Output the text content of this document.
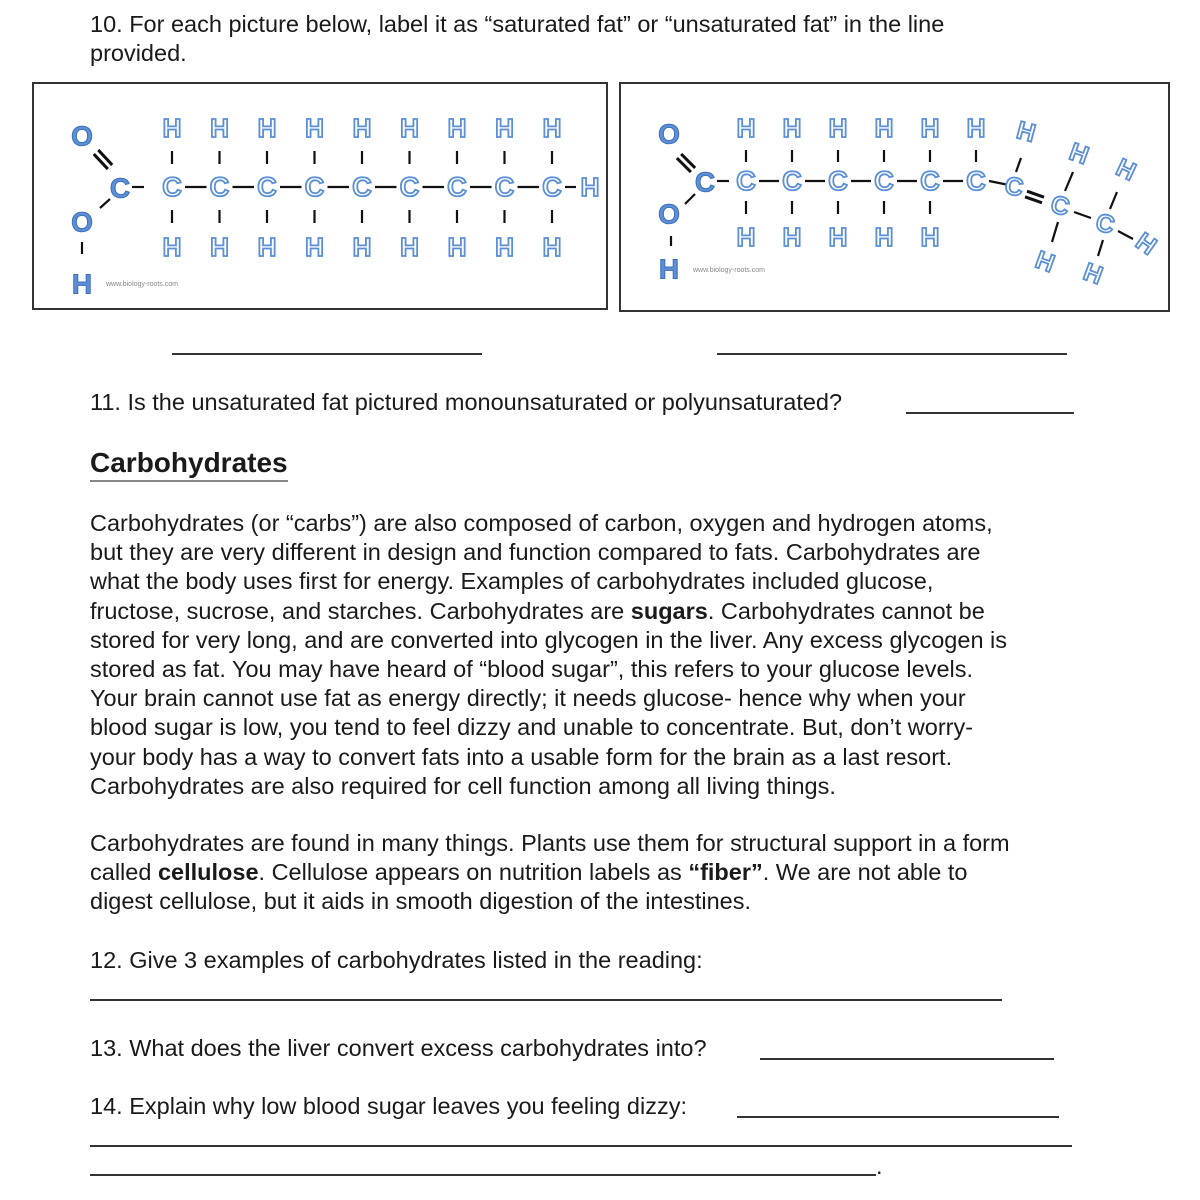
10. For each picture below, label it as “saturated fat” or “unsaturated fat” in the line
provided.
O
C
O
H www.biology-roots.com
C
H
H
C
H
H
C
H
H
C
H
H
C
H
H
C
H
H
C
H
H
C
H
H
C
H
H
H
O
C
O
H www.biology-roots.com
C
H
H
C
H
H
C
H
H
C
H
H
C
H
H
C
H
C
H
C
H
H
C
H
H
H
11. Is the unsaturated fat pictured monounsaturated or polyunsaturated?
Carbohydrates
Carbohydrates (or “carbs”) are also composed of carbon, oxygen and hydrogen atoms,
but they are very different in design and function compared to fats. Carbohydrates are
what the body uses first for energy. Examples of carbohydrates included glucose,
fructose, sucrose, and starches. Carbohydrates are sugars. Carbohydrates cannot be
stored for very long, and are converted into glycogen in the liver. Any excess glycogen is
stored as fat. You may have heard of “blood sugar”, this refers to your glucose levels.
Your brain cannot use fat as energy directly; it needs glucose- hence why when your
blood sugar is low, you tend to feel dizzy and unable to concentrate. But, don’t worry-
your body has a way to convert fats into a usable form for the brain as a last resort.
Carbohydrates are also required for cell function among all living things.
Carbohydrates are found in many things. Plants use them for structural support in a form
called cellulose. Cellulose appears on nutrition labels as “fiber”. We are not able to
digest cellulose, but it aids in smooth digestion of the intestines.
12. Give 3 examples of carbohydrates listed in the reading:
13. What does the liver convert excess carbohydrates into?
14. Explain why low blood sugar leaves you feeling dizzy:
.
